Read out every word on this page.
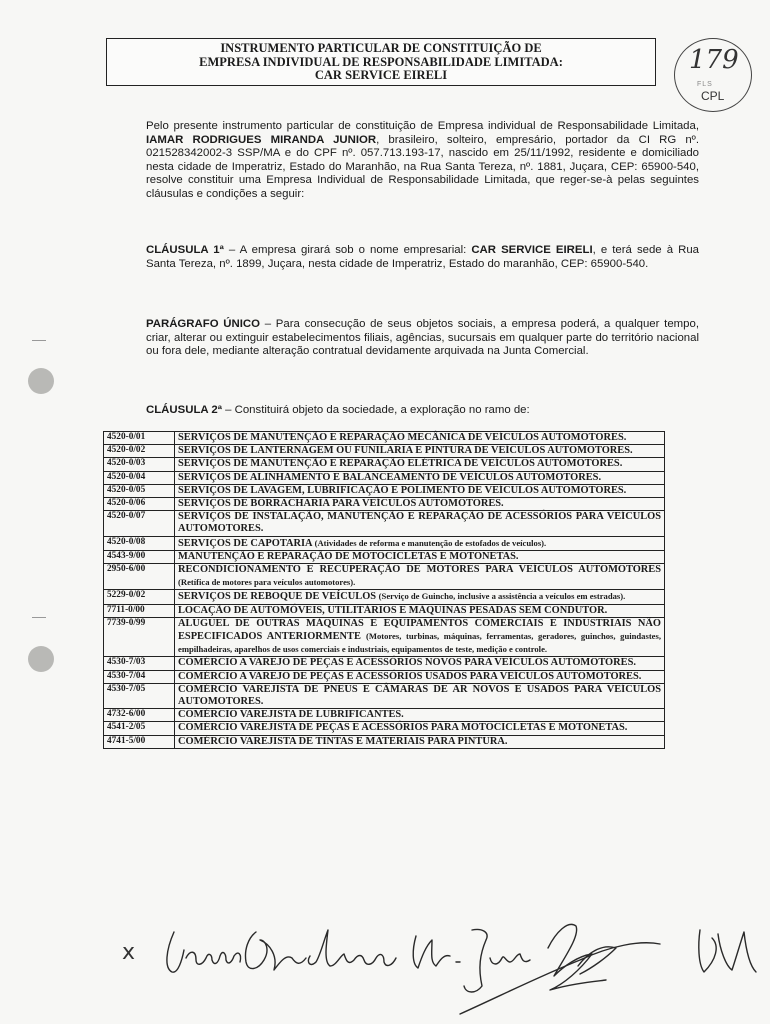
INSTRUMENTO PARTICULAR DE CONSTITUIÇÃO DE
EMPRESA INDIVIDUAL DE RESPONSABILIDADE LIMITADA:
CAR SERVICE EIRELI	179
FLS
CPL
Pelo presente instrumento particular de constituição de Empresa individual de Responsabilidade Limitada, IAMAR RODRIGUES MIRANDA JUNIOR, brasileiro, solteiro, empresário, portador da CI RG nº. 021528342002-3 SSP/MA e do CPF nº. 057.713.193-17, nascido em 25/11/1992, residente e domiciliado nesta cidade de Imperatriz, Estado do Maranhão, na Rua Santa Tereza, nº. 1881, Juçara, CEP: 65900-540, resolve constituir uma Empresa Individual de Responsabilidade Limitada, que reger-se-à pelas seguintes cláusulas e condições a seguir:
CLÁUSULA 1ª – A empresa girará sob o nome empresarial: CAR SERVICE EIRELI, e terá sede à Rua Santa Tereza, nº. 1899, Juçara, nesta cidade de Imperatriz, Estado do maranhão, CEP: 65900-540.
PARÁGRAFO ÚNICO – Para consecução de seus objetos sociais, a empresa poderá, a qualquer tempo, criar, alterar ou extinguir estabelecimentos filiais, agências, sucursais em qualquer parte do território nacional ou fora dele, mediante alteração contratual devidamente arquivada na Junta Comercial.
CLÁUSULA 2ª – Constituirá objeto da sociedade, a exploração no ramo de:
4520-0/01	SERVIÇOS DE MANUTENÇÃO E REPARAÇÃO MECÂNICA DE VEÍCULOS AUTOMOTORES.
4520-0/02	SERVIÇOS DE LANTERNAGEM OU FUNILARIA E PINTURA DE VEÍCULOS AUTOMOTORES.
4520-0/03	SERVIÇOS DE MANUTENÇÃO E REPARAÇÃO ELÉTRICA DE VEÍCULOS AUTOMOTORES.
4520-0/04	SERVIÇOS DE ALINHAMENTO E BALANCEAMENTO DE VEÍCULOS AUTOMOTORES.
4520-0/05	SERVIÇOS DE LAVAGEM, LUBRIFICAÇÃO E POLIMENTO DE VEÍCULOS AUTOMOTORES.
4520-0/06	SERVIÇOS DE BORRACHARIA PARA VEÍCULOS AUTOMOTORES.
4520-0/07	SERVIÇOS DE INSTALAÇÃO, MANUTENÇÃO E REPARAÇÃO DE ACESSÓRIOS PARA VEÍCULOS AUTOMOTORES.
4520-0/08	SERVIÇOS DE CAPOTARIA (Atividades de reforma e manutenção de estofados de veículos).
4543-9/00	MANUTENÇÃO E REPARAÇÃO DE MOTOCICLETAS E MOTONETAS.
2950-6/00	RECONDICIONAMENTO E RECUPERAÇÃO DE MOTORES PARA VEÍCULOS AUTOMOTORES (Retífica de motores para veículos automotores).
5229-0/02	SERVIÇOS DE REBOQUE DE VEÍCULOS (Serviço de Guincho, inclusive a assistência a veículos em estradas).
7711-0/00	LOCAÇÃO DE AUTOMÓVEIS, UTILITÁRIOS E MÁQUINAS PESADAS SEM CONDUTOR.
7739-0/99	ALUGUEL DE OUTRAS MÁQUINAS E EQUIPAMENTOS COMERCIAIS E INDUSTRIAIS NÃO ESPECIFICADOS ANTERIORMENTE (Motores, turbinas, máquinas, ferramentas, geradores, guinchos, guindastes, empilhadeiras, aparelhos de usos comerciais e industriais, equipamentos de teste, medição e controle.
4530-7/03	COMÉRCIO A VAREJO DE PEÇAS E ACESSÓRIOS NOVOS PARA VEÍCULOS AUTOMOTORES.
4530-7/04	COMÉRCIO A VAREJO DE PEÇAS E ACESSÓRIOS USADOS PARA VEÍCULOS AUTOMOTORES.
4530-7/05	COMÉRCIO VAREJISTA DE PNEUS E CÂMARAS DE AR NOVOS E USADOS PARA VEÍCULOS AUTOMOTORES.
4732-6/00	COMÉRCIO VAREJISTA DE LUBRIFICANTES.
4541-2/05	COMÉRCIO VAREJISTA DE PEÇAS E ACESSÓRIOS PARA MOTOCICLETAS E MOTONETAS.
4741-5/00	COMÉRCIO VAREJISTA DE TINTAS E MATERIAIS PARA PINTURA.
x
